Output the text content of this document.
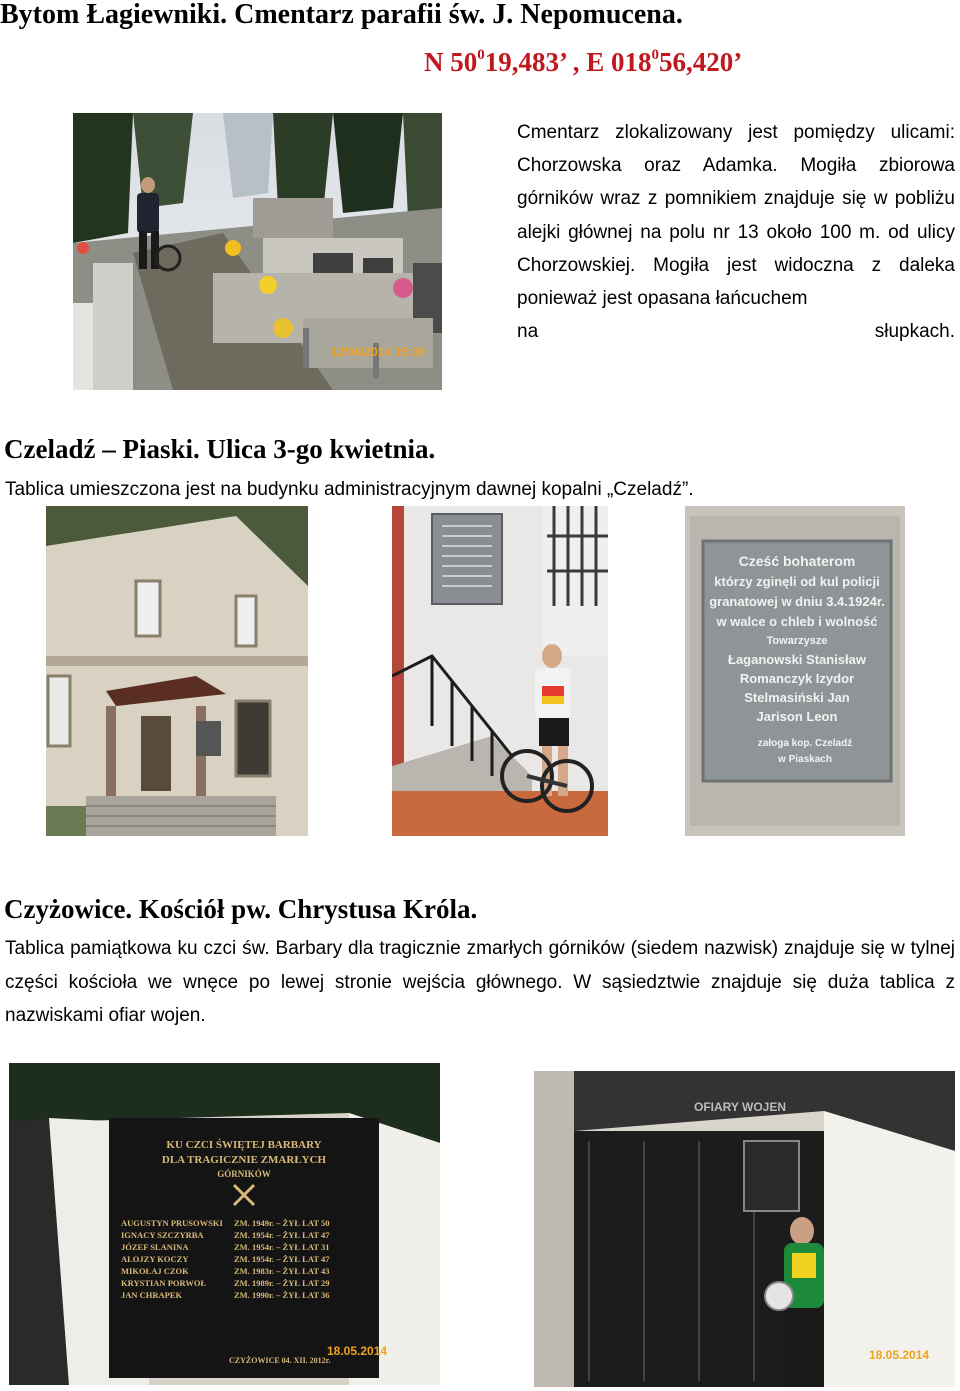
Bytom Łagiewniki. Cmentarz parafii św. J. Nepomucena.
N $50^019,483$’ , E $018^056,420$’
12/04/2014 15:39
Cmentarz zlokalizowany jest pomiędzy ulicami: Chorzowska oraz Adamka. Mogiła zbiorowa górników wraz z pomnikiem znajduje się w pobliżu alejki głównej na polu nr 13 około 100 m. od ulicy Chorzowskiej. Mogiła jest widoczna z daleka ponieważ jest opasana łańcuchem
na słupkach.
Czeladź – Piaski. Ulica 3-go kwietnia.
Tablica umieszczona jest na budynku administracyjnym dawnej kopalni „Czeladź”.
Cześć bohaterom
którzy zginęli od kul policji
granatowej w dniu 3.4.1924r.
w walce o chleb i wolność
Towarzysze
Łaganowski Stanisław
Romanczyk Izydor
Stelmasiński Jan
Jarison Leon
załoga kop. Czeladź
w Piaskach
Czyżowice. Kościół pw. Chrystusa Króla.
Tablica pamiątkowa ku czci św. Barbary dla tragicznie zmarłych górników (siedem nazwisk) znajduje się w tylnej części kościoła we wnęce po lewej stronie wejścia głównego. W sąsiedztwie znajduje się duża tablica z nazwiskami ofiar wojen.
KU CZCI ŚWIĘTEJ BARBARY
DLA TRAGICZNIE ZMARŁYCH
GÓRNIKÓW
AUGUSTYN PRUSOWSKI
IGNACY SZCZYRBA
JÓZEF SLANINA
ALOJZY KOCZY
MIKOŁAJ CZOK
KRYSTIAN PORWOŁ
JAN CHRAPEK
ZM. 1949r. – ŻYŁ LAT 50
ZM. 1954r. – ŻYŁ LAT 47
ZM. 1954r. – ŻYŁ LAT 31
ZM. 1954r. – ŻYŁ LAT 47
ZM. 1983r. – ŻYŁ LAT 43
ZM. 1989r. – ŻYŁ LAT 29
ZM. 1990r. – ŻYŁ LAT 36
CZYŻOWICE 04. XII. 2012r.
18.05.2014
OFIARY WOJEN
18.05.2014
